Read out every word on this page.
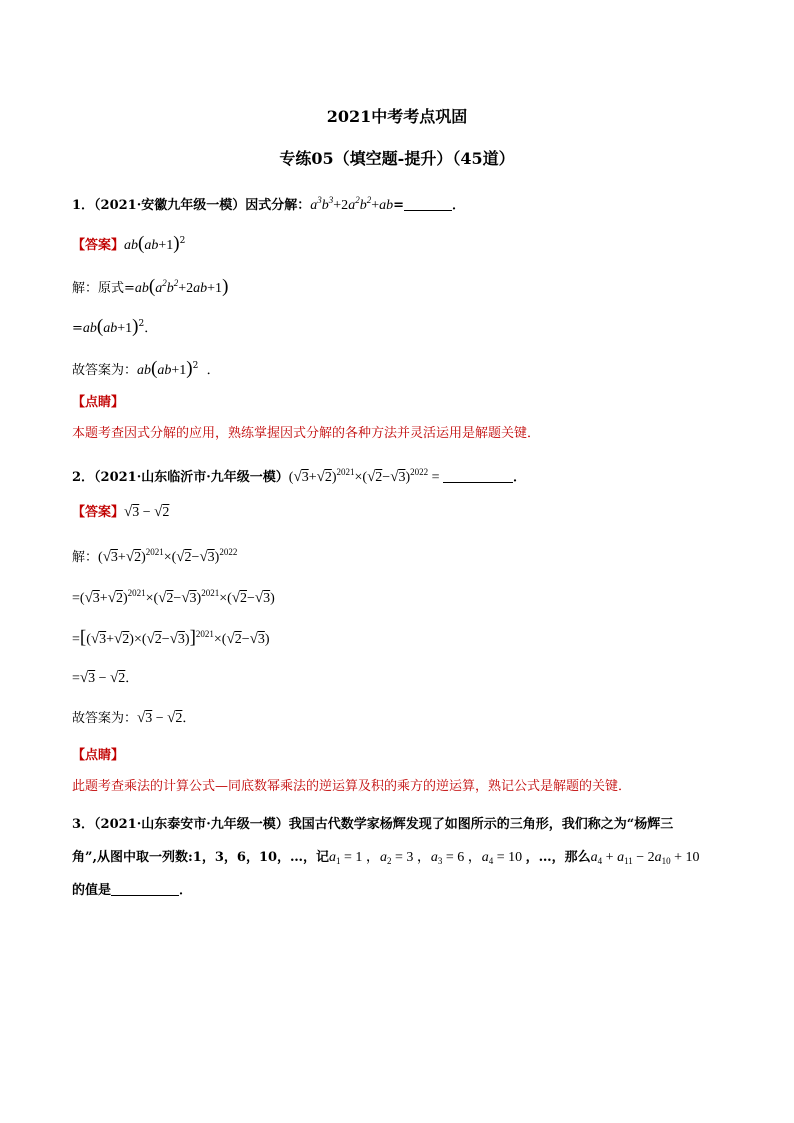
2021中考考点巩固
专练05（填空题-提升）（45道）
1．（2021·安徽九年级一模）因式分解：$a^3b^3+2a^2b^2+ab=$	．
【答案】$ab(ab+1)^2$
解：原式$=ab(a^2b^2+2ab+1)$
$=ab(ab+1)^2$．
故答案为：$ab(ab+1)^2$  ．
【点睛】
本题考查因式分解的应用，熟练掌握因式分解的各种方法并灵活运用是解题关键．
2．（2021·山东临沂市·九年级一模）$(√3+√2)^{2021}\times(√2-√3)^{2022}$ =	．
【答案】√3 − √2
解：$(√3+√2)^{2021}\times(√2-√3)^{2022}$
$=(√3+√2)^{2021}\times(√2-√3)^{2021}\times(√2-√3)$
$=[(√3+√2)\times(√2-√3)]^{2021}\times(√2-√3)$
=√3 − √2．
故答案为：√3 − √2．
【点睛】
此题考查乘法的计算公式—同底数幂乘法的逆运算及积的乘方的逆运算，熟记公式是解题的关键．
3．（2021·山东泰安市·九年级一模）我国古代数学家杨辉发现了如图所示的三角形，我们称之为“杨辉三
角”,从图中取一列数:1，3，6，10，…，记$a_1 = 1$ ，$a_2 = 3$ ，$a_3 = 6$ ，$a_4 = 10$ ，…，那么$a_4 + a_{11} - 2a_{10} + 10$
的值是	．
